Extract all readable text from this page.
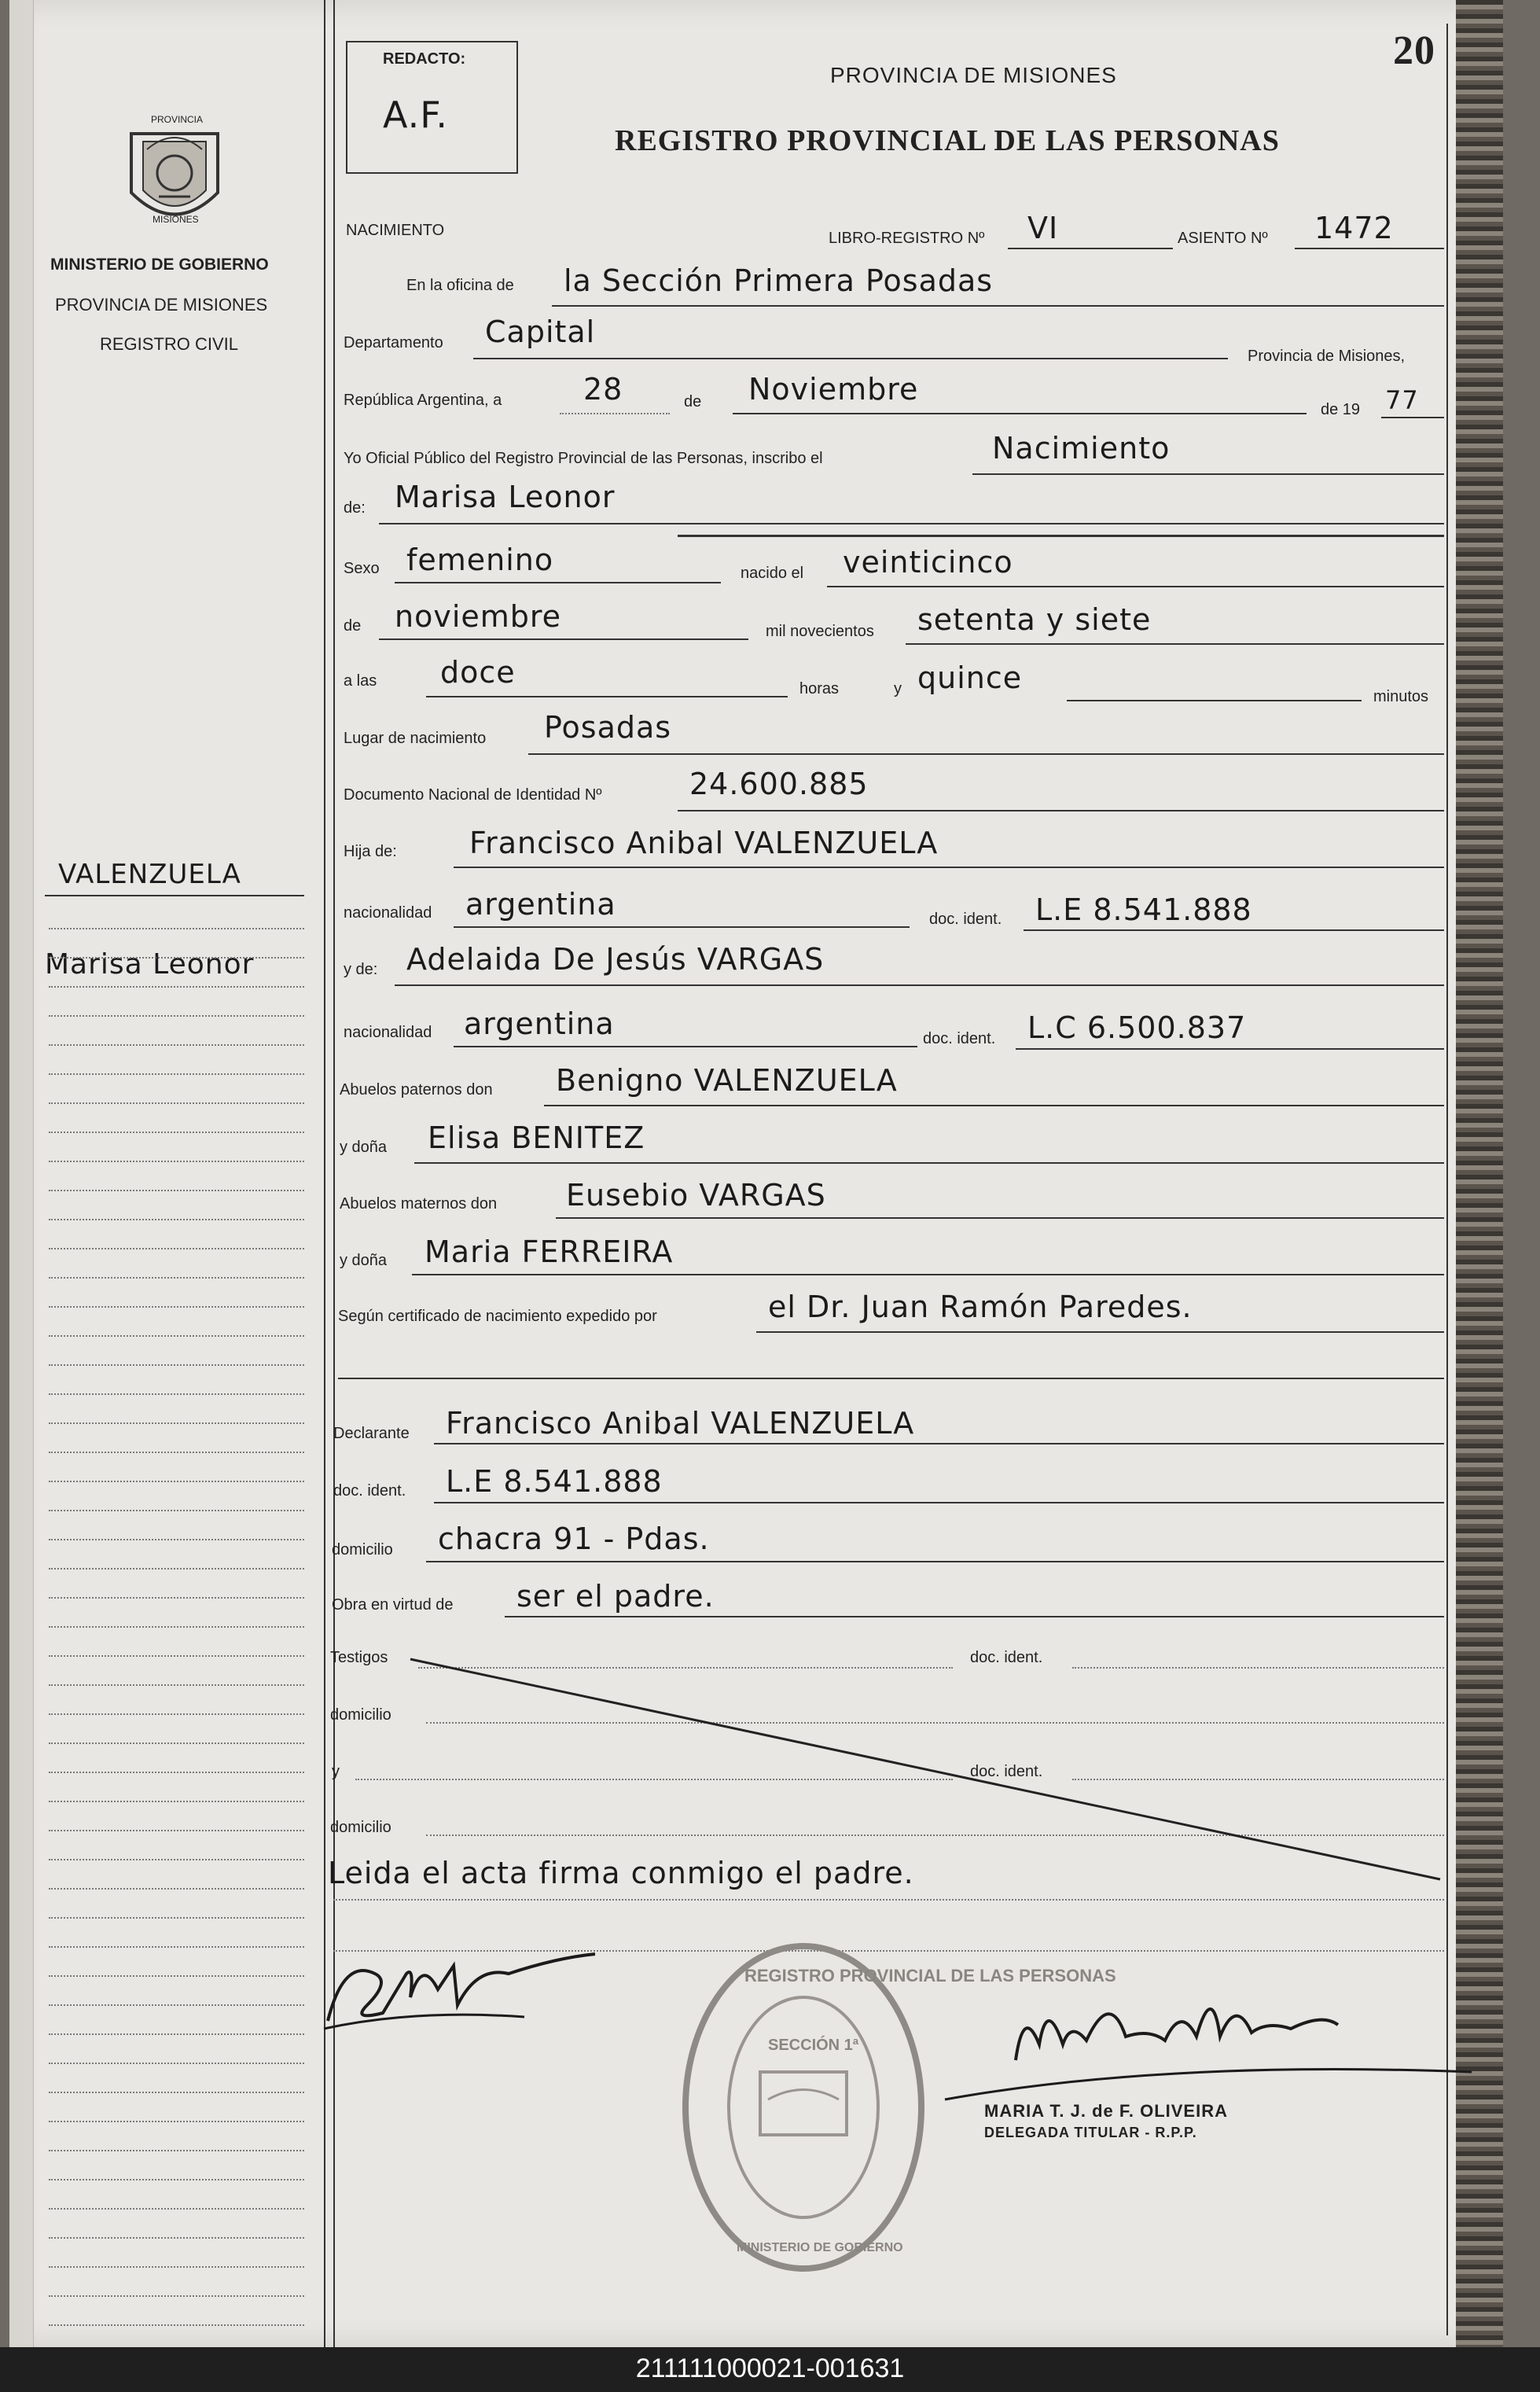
20
REDACTO:
A.F.
PROVINCIA DE MISIONES
REGISTRO PROVINCIAL DE LAS PERSONAS
PROVINCIA
MISIONES
MINISTERIO DE GOBIERNO
PROVINCIA DE MISIONES
REGISTRO CIVIL
VALENZUELA
Marisa Leonor
NACIMIENTO	LIBRO-REGISTRO Nº VI	ASIENTO Nº 1472
En la oficina de la Sección Primera Posadas
Departamento Capital
Provincia de Misiones,
República Argentina, a	28	de Noviembre
de 19 77
Yo Oficial Público del Registro Provincial de las Personas, inscribo el	Nacimiento
de: Marisa Leonor
Sexo femenino	nacido el veinticinco
de noviembre	mil novecientos setenta y siete
a las doce	horas	y quince
minutos
Lugar de nacimiento Posadas
Documento Nacional de Identidad Nº	24.600.885
Hija de: Francisco Anibal VALENZUELA
nacionalidad argentina	doc. ident. L.E 8.541.888
y de: Adelaida De Jesús VARGAS
nacionalidad argentina	doc. ident. L.C 6.500.837
Abuelos paternos don Benigno VALENZUELA
y doña Elisa BENITEZ
Abuelos maternos don Eusebio VARGAS
y doña Maria FERREIRA
Según certificado de nacimiento expedido por	el Dr. Juan Ramón Paredes.
Declarante Francisco Anibal VALENZUELA
doc. ident. L.E 8.541.888
domicilio chacra 91 - Pdas.
Obra en virtud de ser el padre.
Testigos	doc. ident.
domicilio
y	doc. ident.
domicilio
Leida el acta firma conmigo el padre.
REGISTRO PROVINCIAL DE LAS PERSONAS
SECCIÓN 1ª
MINISTERIO DE GOBIERNO
MARIA T. J. de F. OLIVEIRA
DELEGADA TITULAR - R.P.P.
211111000021-001631
